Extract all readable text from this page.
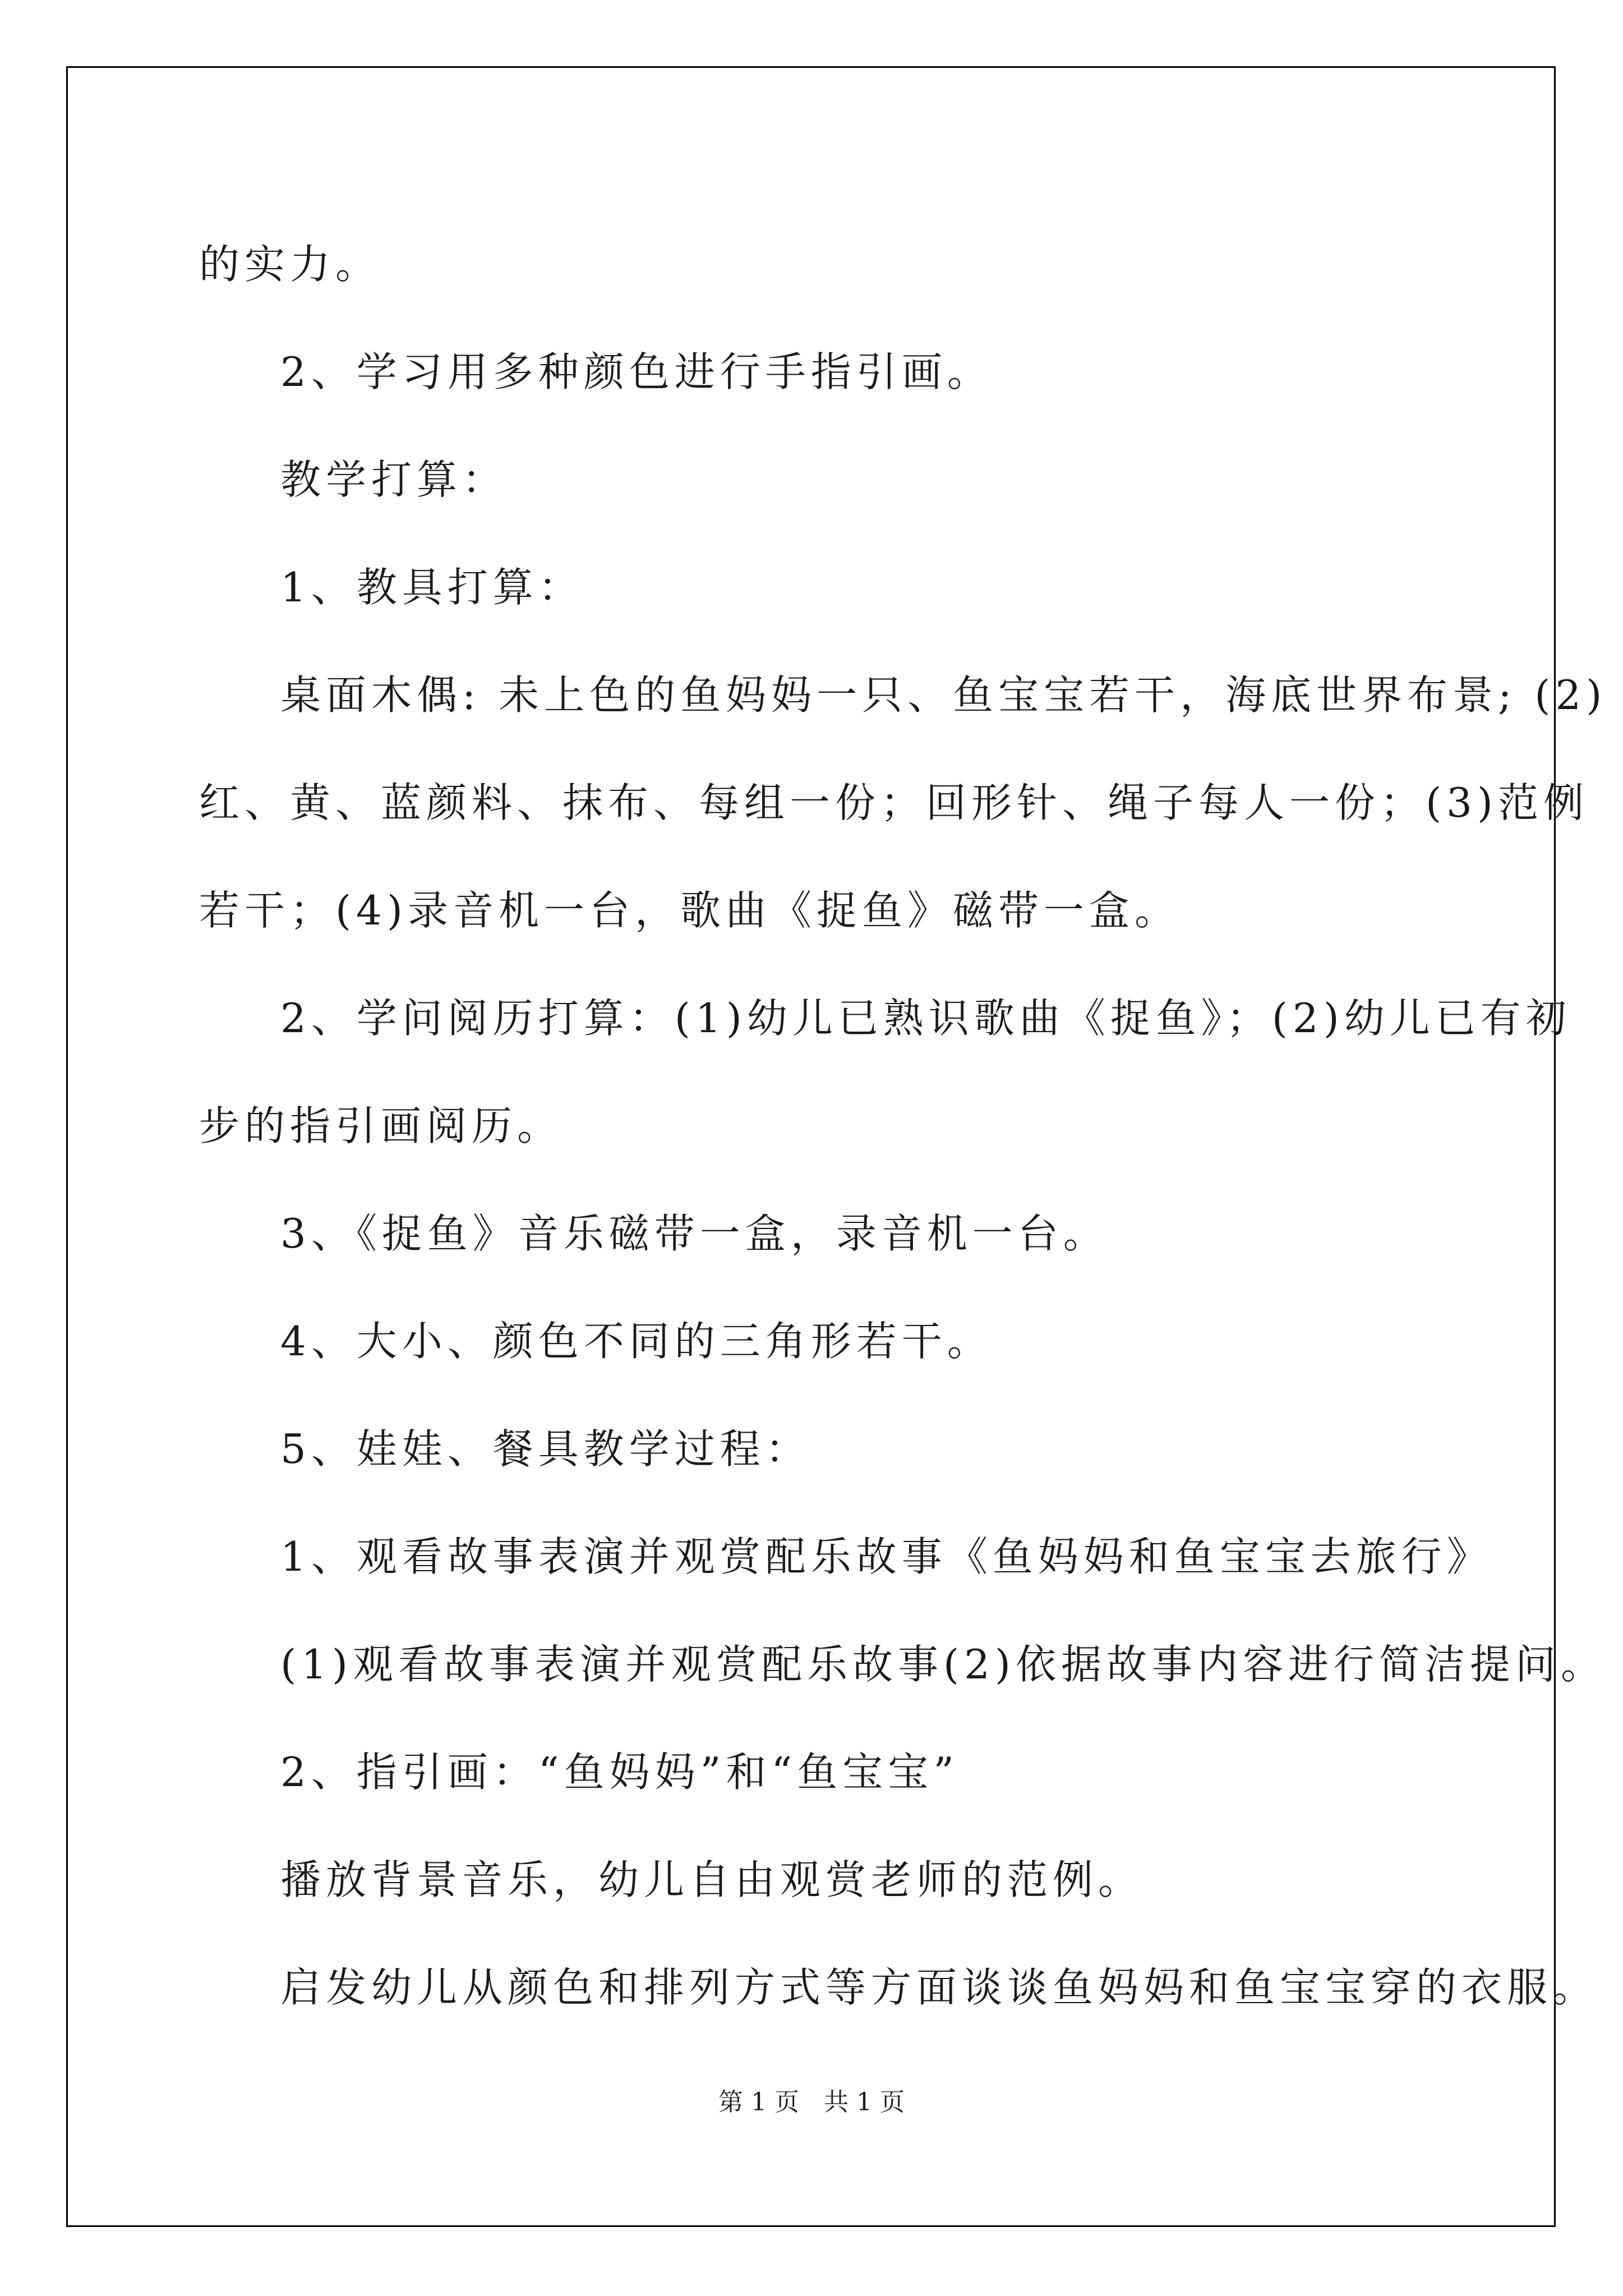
的实力。

2、学习用多种颜色进行手指引画。

教学打算：

1、教具打算：

桌面木偶: 未上色的鱼妈妈一只、鱼宝宝若干，海底世界布景; (2)

红、黄、蓝颜料、抹布、每组一份；回形针、绳子每人一份；(3)范例

若干；(4)录音机一台，歌曲《捉鱼》磁带一盒。

2、学问阅历打算：(1)幼儿已熟识歌曲《捉鱼》；(2)幼儿已有初

步的指引画阅历。

3、《捉鱼》音乐磁带一盒，录音机一台。

4、大小、颜色不同的三角形若干。

5、娃娃、餐具教学过程：

1、观看故事表演并观赏配乐故事《鱼妈妈和鱼宝宝去旅行》

(1)观看故事表演并观赏配乐故事(2)依据故事内容进行简洁提问。

2、指引画：“鱼妈妈”和“鱼宝宝”

播放背景音乐，幼儿自由观赏老师的范例。

启发幼儿从颜色和排列方式等方面谈谈鱼妈妈和鱼宝宝穿的衣服。

第 1 页　共 1 页
